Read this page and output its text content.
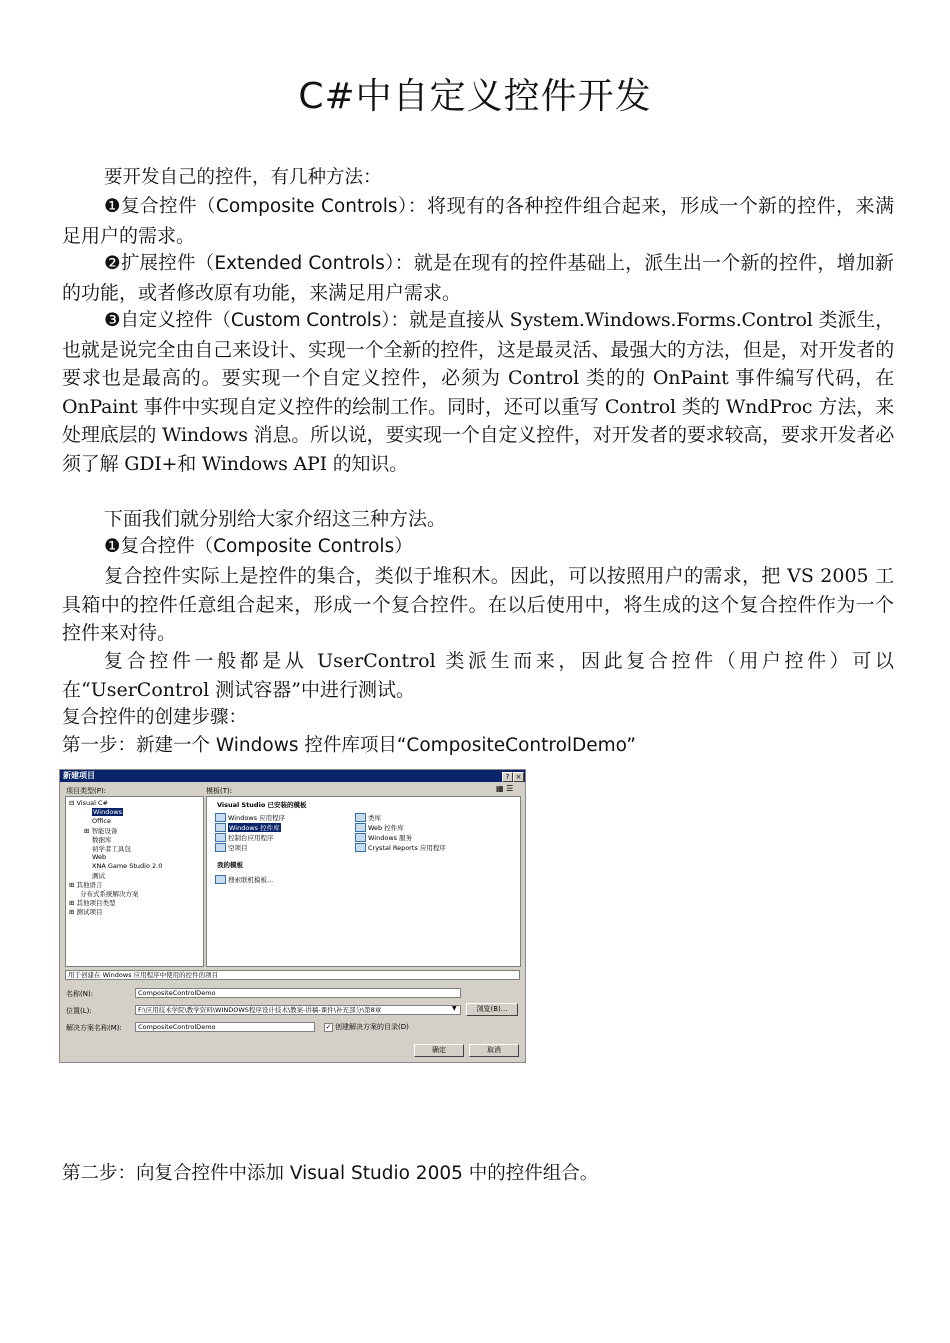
C#中自定义控件开发
要开发自己的控件，有几种方法：
❶复合控件（Composite Controls）：将现有的各种控件组合起来，形成一个新的控件，来满足用户的需求。
❷扩展控件（Extended Controls）：就是在现有的控件基础上，派生出一个新的控件，增加新的功能，或者修改原有功能，来满足用户需求。
❸自定义控件（Custom Controls）：就是直接从 System.Windows.Forms.Control 类派生，也就是说完全由自己来设计、实现一个全新的控件，这是最灵活、最强大的方法，但是，对开发者的要求也是最高的。要实现一个自定义控件，必须为 Control 类的的 OnPaint 事件编写代码，在 OnPaint 事件中实现自定义控件的绘制工作。同时，还可以重写 Control 类的 WndProc 方法，来处理底层的 Windows 消息。所以说，要实现一个自定义控件，对开发者的要求较高，要求开发者必须了解 GDI+和 Windows API 的知识。
下面我们就分别给大家介绍这三种方法。
❶复合控件（Composite Controls）
复合控件实际上是控件的集合，类似于堆积木。因此，可以按照用户的需求，把 VS 2005 工具箱中的控件任意组合起来，形成一个复合控件。在以后使用中，将生成的这个复合控件作为一个控件来对待。
复合控件一般都是从 UserControl 类派生而来，因此复合控件（用户控件）可以在“UserControl 测试容器”中进行测试。
复合控件的创建步骤：
第一步：新建一个 Windows 控件库项目“CompositeControlDemo”
新建项目	? ×
项目类型(P):	模板(T):	▦ ☰
⊟ Visual C#
Windows
Office
⊞ 智能设备
数据库
初学者工具包
Web
XNA Game Studio 2.0
测试
⊞ 其他语言
分布式系统解决方案
⊞ 其他项目类型
⊞ 测试项目
Visual Studio 已安装的模板
Windows 应用程序
Windows 控件库
控制台应用程序
空项目
类库
Web 控件库
Windows 服务
Crystal Reports 应用程序
我的模板
搜索联机模板...
用于创建在 Windows 应用程序中使用的控件的项目
名称(N):	CompositeControlDemo
位置(L):	F:\应用技术学院\教学资料\WINDOWS程序设计技术\教案-讲稿-课件\补充部分\第8章	▼	浏览(B)...
解决方案名称(M):	CompositeControlDemo	✓ 创建解决方案的目录(D)
确定	取消
第二步：向复合控件中添加 Visual Studio 2005 中的控件组合。
